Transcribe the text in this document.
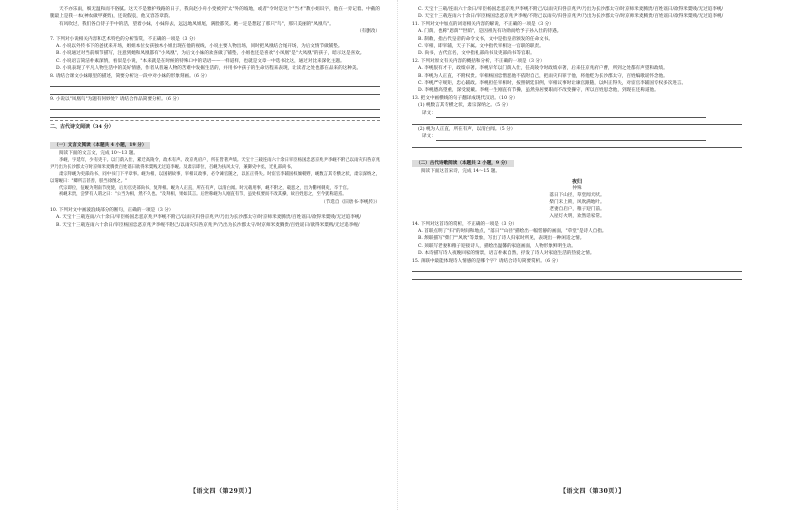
天不亦乐雨，细无温和而不俗腻。这天不是雅护残路的日子，我向赵小舟小变被到"太"外的坡地，或者"令时是这个"当才"教小姐识字，他在一旁记着。中截的腿最上是我一本(神农做甲赛剪)，还说假袁，他又容答章韵。

有风吹过，我们各自待子手中的活，望着小妹，小妹你去，远远地凤姐尾，满脸都笑。她一定是想起了那只"鸟"，那只美丽的"凤凰鸟"。

（有删改）

7. 下列对小说相关内容和艺术特色的分析鉴赏，不正确的一项是（3 分）

A. 小说以外传书下的爸扰来开场，姐姐本位女孩独木小姐出现在他的视线，小说主要人物出场，同时把凤凰结合尾开场，为后文情节做铺垫。

B. 小说通过对当前细节描写，注意到她和凤凰都有"小凤凰"，为后文小妹的欢喜做了铺垫，小姐也还是喜欢"小凤凰"是"大凤凰"的孩子，暗示这是喜欢。

C. 小说语言简洁朴素深情，看似是小说，"本来就是在时候的特殊口中的话语——一样道样，也就是文章一中选书比这，通过对比来深化主题。

D. 小说表现了平凡人物生活中的美好情感，作者从普遍人物的苦难中发掘生活的，并用书中孩子的生命历程来表现，让读者之处也都在品来的这种美。

8. 请结合课文小妹眼里的描述，简要分析这一段中对小妹的形象刻画。（6 分）

9. 小说以"凤凰鸟"为题有何妙处？请结合作品简要分析。（6 分）

二、古代诗文阅读（34 分）

（一）文言文阅读（本题共 4 小题，19 分）

阅读下面的文言文，完成 10～13 题。

李岘，字延年，少有吏干。以门荫入仕，累迁高陵令，政术有声。改京兆府户，所在皆著声绩。天宝十三载连雨六十余日宰臣杨国忠恶京兆尹李岘不附己以雨灾归咎京兆尹乃出为长沙郡太守时京师米麦腾贵百姓谣曰欲得米粟贱无过追李岘。及肃宗即位，召岘为扶风太守，兼御史中丞，迁礼部尚书。

肃宗拜岘为吏部尚书、同中书门下平章事。岘为相，以国朝故事，宰相议政事，必令谏官随之，以匡正得失。时宦官李辅国权倾朝野，岘数言其专横之状，肃宗深纳之，以谓岘曰："卿所言甚善，朕当徐图之。"

代宗即位，征岘为荆南节度使，后历官吏部尚书，复拜相。岘为人正直，所在有声，以清白闻。时元载用事，岘不附之，载恶之，出为衢州刺史，卒于官。

初岘未贵，尝梦有人谓之曰："公当为相，然不久也。"及拜相，果如其言。后世称岘为人刚直有节，虽处权要而不改其操，故百姓思之，至今犹称道焉。

（节选自《旧唐书·李岘传》）

10. 下列对文中画波浪线部分的断句，正确的一项是（3 分）

A. 天宝十三载连雨/六十余日/宰臣杨国忠恶京兆尹李岘不附己/以雨灾归咎京兆尹/乃出为长沙郡太守/时京师米麦腾贵/百姓谣曰/欲得米粟贱/无过追李岘/

B. 天宝十三载连雨六十余日/宰臣杨国忠恶京兆尹李岘不附己/以雨灾归咎京兆尹/乃出为长沙郡太守/时京师米麦腾贵/百姓谣曰/欲得米粟贱/无过追李岘/

【语文四（第29页）】

C. 天宝十三载/连雨六十余日/宰臣杨国忠恶京兆尹李岘不附己/以雨灾归咎京兆尹/乃出为长沙郡太守/时京师米麦腾贵/百姓谣曰/欲得米粟贱/无过追李岘/

D. 天宝十三载连雨六十余日/宰臣杨国忠恶京兆尹李岘/不附己以雨灾/归咎京兆尹/乃出为长沙郡太守/时京师米麦腾贵/百姓谣曰/欲得米粟贱/无过追李岘/

11. 下列对文中加点的词语相关内容的解说，不正确的一项是（3 分）

A. 门荫，也称"恩荫""世荫"，是因祖先有功勋而给予子孙入仕的待遇。

B. 制敕，指古代皇帝的命令文书，文中是指皇帝颁发的任命文书。

C. 宰相，即宰辅，天子下属。文中指代宰相这一官职的职责。

D. 尚书，古代官名，文中指礼部尚书及吏部尚书等官职。

12. 下列对原文有关内容的概括和分析，不正确的一项是（3 分）

A. 李岘很有才干，政绩卓著。李岘早年以门荫入仕，任高陵令时政绩卓著，后来任京兆府户曹，所到之处都有声望和政绩。

B. 李岘为人正直，不附权贵。宰相杨国忠憎恶他不依附自己，把雨灾归罪于他，将他贬为长沙郡太守，百姓编歌谣怀念他。

C. 李岘严守规矩，忠心辅政。李岘担任宰相时，按照朝廷旧例，宰相议事时让谏官跟随，以纠正得失，对宦官李辅国专权多次进言。

D. 李岘德高望重，深受爱戴。李岘一生刚直有节操，虽然身居要职而不改变操守，所以百姓思念他，到现在还称道他。

13. 把文中画横线的句子翻译成现代汉语。（10 分）

(1) 岘数言其专横之状，肃宗深纳之。（5 分）

译文：

(2) 岘为人正直，所在有声，以清白闻。（5 分）

译文：

（二）古代诗歌阅读（本题共 2 小题，9 分）

阅读下面这首宋诗，完成 14～15 题。

夜归

仲殊

落日下山径，草堂闻犬吠。

柴门未上锁，风吹满地叶。

老妻自启户，稚子迎门前。

入屋灯火明，欢然话家常。

14. 下列对这首诗的赏析，不正确的一项是（3 分）

A. 首联点明了"归"的时间和地点，"落日""山径"描绘出一幅恬静的画面，"草堂"是诗人自指。

B. 颔联描写"柴门""风吹"等景象，写出了诗人归家时所见，表现出一种闲适之情。

C. 颈联写老妻和稚子迎接诗人，描绘出温馨的家庭画面，人物形象鲜明生动。

D. 本诗描写诗人夜晚回家的情景，语言朴素自然，抒发了诗人对家庭生活的热爱之情。

15. 颈联中最能体现诗人情感的是哪个字？请结合诗句简要赏析。（6 分）

【语文四（第30页）】
